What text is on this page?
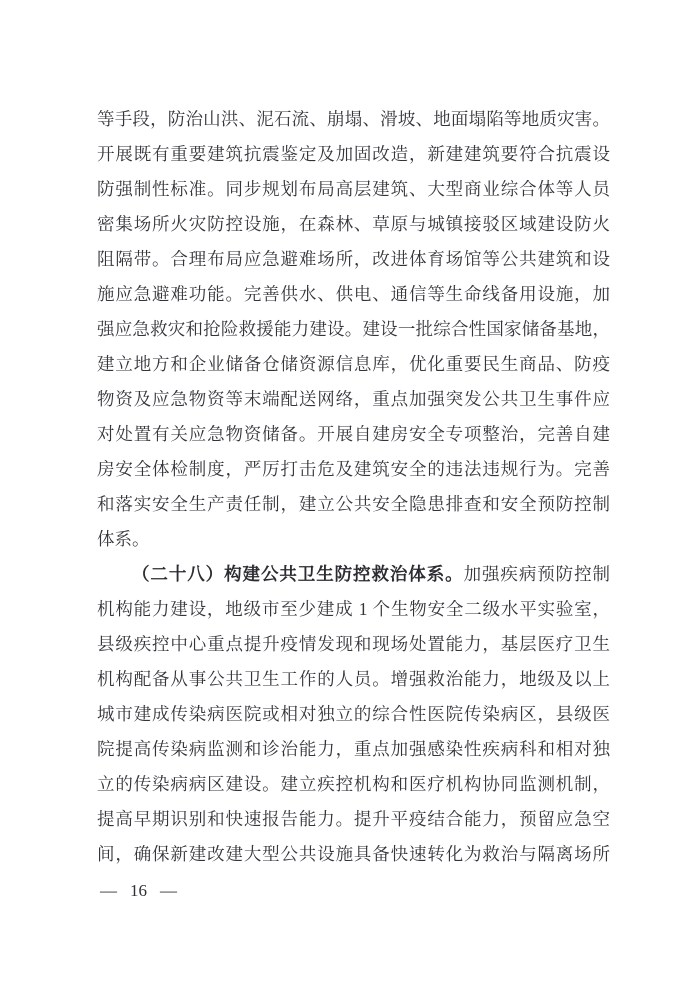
等手段，防治山洪、泥石流、崩塌、滑坡、地面塌陷等地质灾害。
开展既有重要建筑抗震鉴定及加固改造，新建建筑要符合抗震设
防强制性标准。同步规划布局高层建筑、大型商业综合体等人员
密集场所火灾防控设施，在森林、草原与城镇接驳区域建设防火
阻隔带。合理布局应急避难场所，改进体育场馆等公共建筑和设
施应急避难功能。完善供水、供电、通信等生命线备用设施，加
强应急救灾和抢险救援能力建设。建设一批综合性国家储备基地，
建立地方和企业储备仓储资源信息库，优化重要民生商品、防疫
物资及应急物资等末端配送网络，重点加强突发公共卫生事件应
对处置有关应急物资储备。开展自建房安全专项整治，完善自建
房安全体检制度，严厉打击危及建筑安全的违法违规行为。完善
和落实安全生产责任制，建立公共安全隐患排查和安全预防控制
体系。
（二十八）构建公共卫生防控救治体系。加强疾病预防控制
机构能力建设，地级市至少建成 1 个生物安全二级水平实验室，
县级疾控中心重点提升疫情发现和现场处置能力，基层医疗卫生
机构配备从事公共卫生工作的人员。增强救治能力，地级及以上
城市建成传染病医院或相对独立的综合性医院传染病区，县级医
院提高传染病监测和诊治能力，重点加强感染性疾病科和相对独
立的传染病病区建设。建立疾控机构和医疗机构协同监测机制，
提高早期识别和快速报告能力。提升平疫结合能力，预留应急空
间，确保新建改建大型公共设施具备快速转化为救治与隔离场所
— 16 —
